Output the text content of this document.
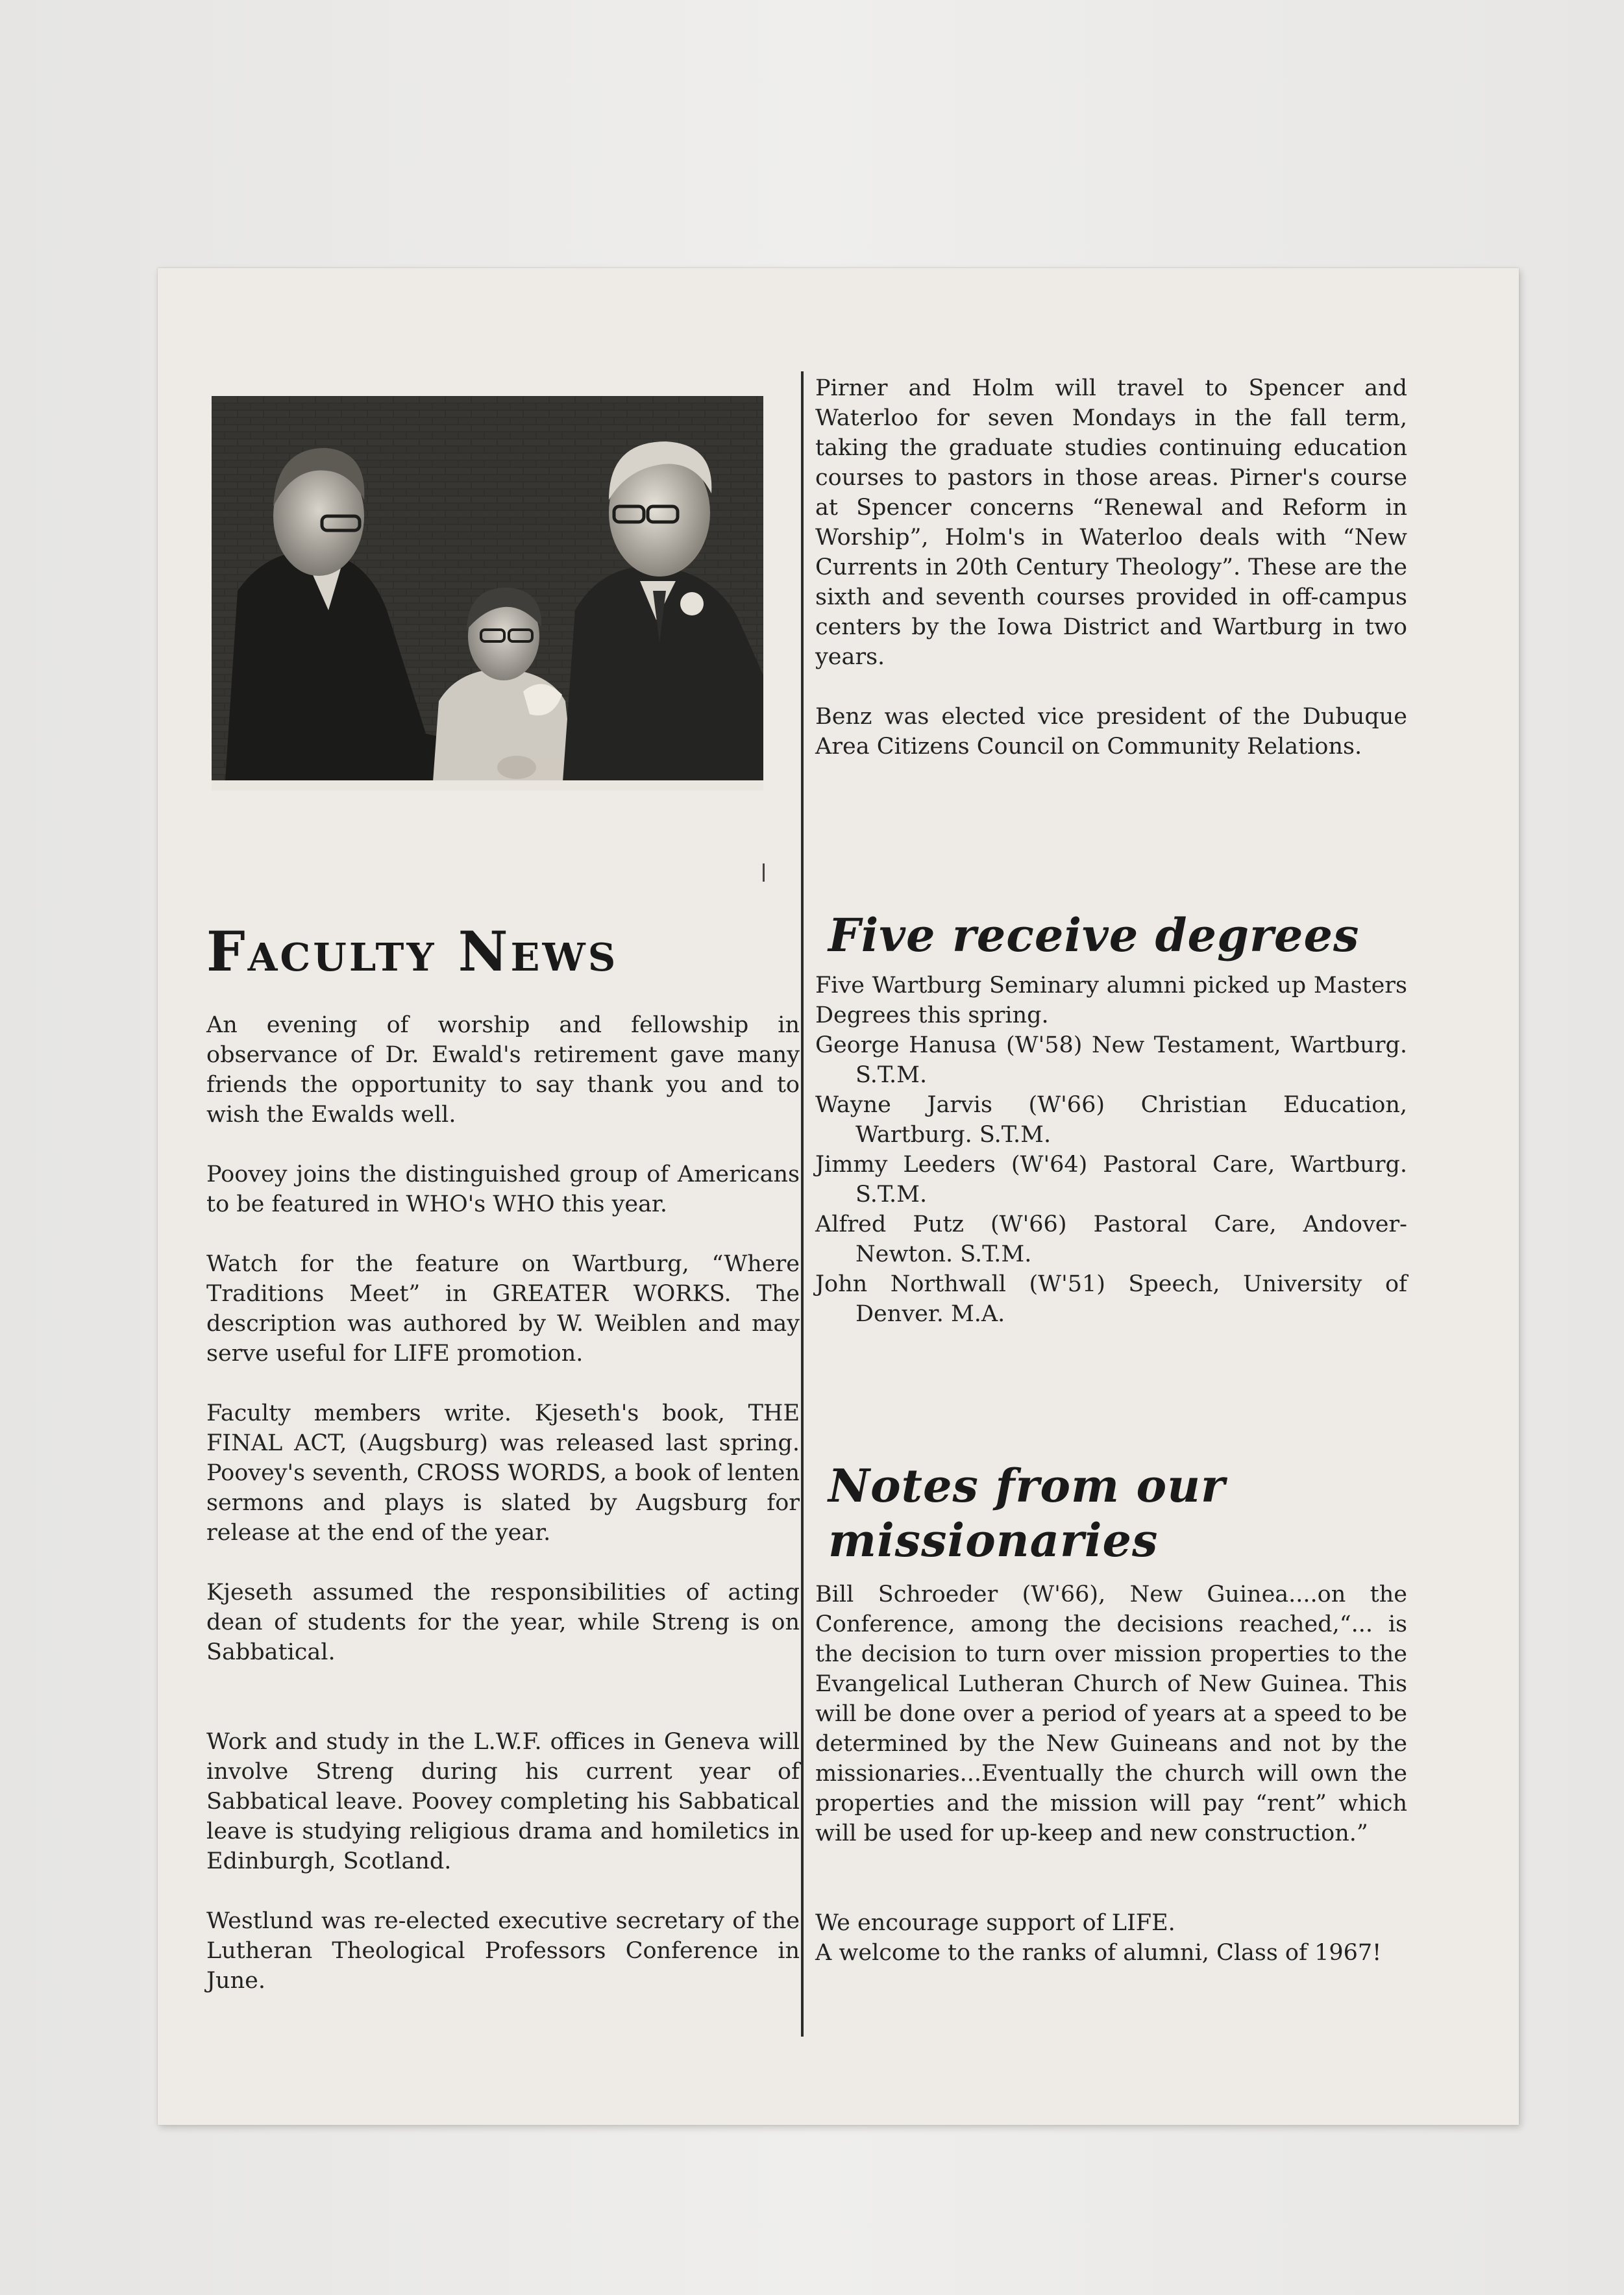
Faculty News

An evening of worship and fellowship in observance of Dr. Ewald's retirement gave many friends the opportunity to say thank you and to wish the Ewalds well.

Poovey joins the distinguished group of Americans to be featured in WHO's WHO this year.

Watch for the feature on Wartburg, “Where Traditions Meet” in GREATER WORKS. The description was authored by W. Weiblen and may serve useful for LIFE promotion.

Faculty members write. Kjeseth's book, THE FINAL ACT, (Augsburg) was released last spring. Poovey's seventh, CROSS WORDS, a book of lenten sermons and plays is slated by Augsburg for release at the end of the year.

Kjeseth assumed the responsibilities of acting dean of students for the year, while Streng is on Sabbatical.

Work and study in the L.W.F. offices in Geneva will involve Streng during his current year of Sabbatical leave. Poovey completing his Sabbatical leave is studying religious drama and homiletics in Edinburgh, Scotland.

Westlund was re-elected executive secretary of the Lutheran Theological Professors Conference in June.

Pirner and Holm will travel to Spencer and Waterloo for seven Mondays in the fall term, taking the graduate studies continuing education courses to pastors in those areas. Pirner's course at Spencer concerns “Renewal and Reform in Worship”, Holm's in Waterloo deals with “New Currents in 20th Century Theology”. These are the sixth and seventh courses provided in off-campus centers by the Iowa District and Wartburg in two years.

Benz was elected vice president of the Dubuque Area Citizens Council on Community Relations.

Five receive degrees

Five Wartburg Seminary alumni picked up Masters Degrees this spring.

George Hanusa (W'58) New Testament, Wartburg. S.T.M.

Wayne Jarvis (W'66) Christian Education, Wartburg. S.T.M.

Jimmy Leeders (W'64) Pastoral Care, Wartburg. S.T.M.

Alfred Putz (W'66) Pastoral Care, Andover-Newton. S.T.M.

John Northwall (W'51) Speech, University of Denver. M.A.

Notes from our missionaries

Bill Schroeder (W'66), New Guinea....on the Conference, among the decisions reached,“... is the decision to turn over mission properties to the Evangelical Lutheran Church of New Guinea. This will be done over a period of years at a speed to be determined by the New Guineans and not by the missionaries...Eventually the church will own the properties and the mission will pay “rent” which will be used for up-keep and new construction.”

We encourage support of LIFE.

A welcome to the ranks of alumni, Class of 1967!
